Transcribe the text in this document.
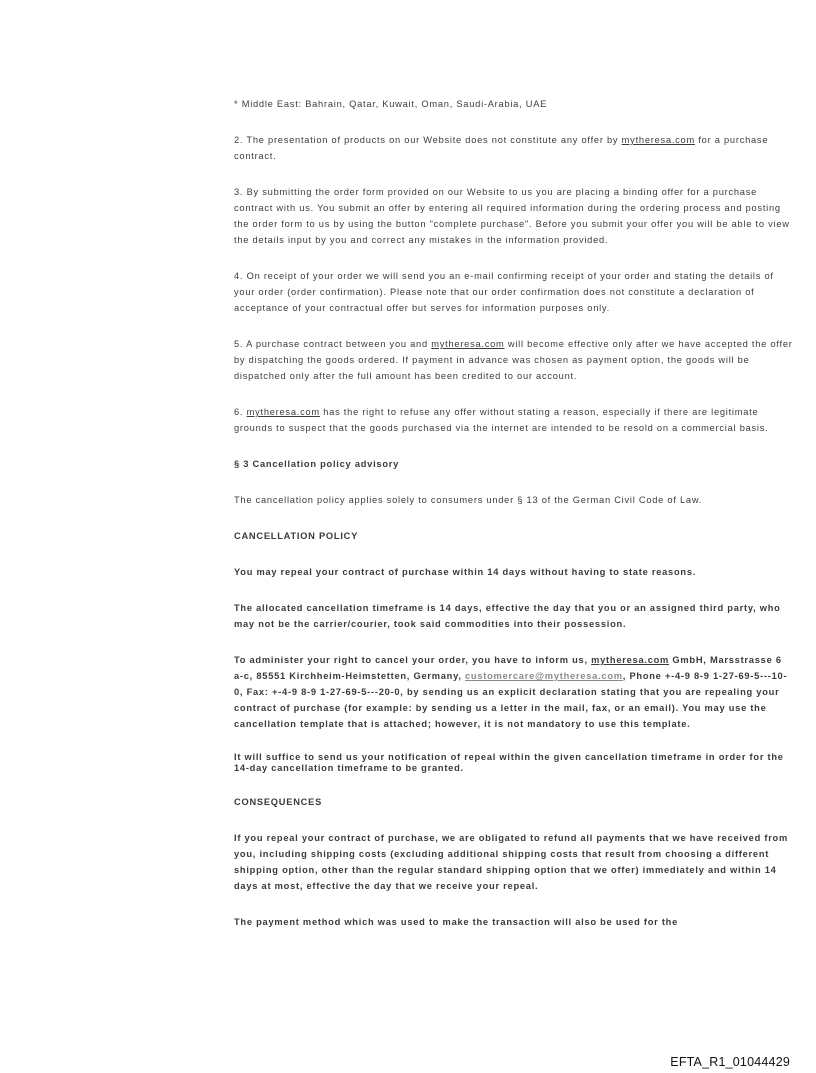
* Middle East: Bahrain, Qatar, Kuwait, Oman, Saudi-Arabia, UAE

2. The presentation of products on our Website does not constitute any offer by mytheresa.com for a purchase contract.

3. By submitting the order form provided on our Website to us you are placing a binding offer for a purchase contract with us. You submit an offer by entering all required information during the ordering process and posting the order form to us by using the button "complete purchase". Before you submit your offer you will be able to view the details input by you and correct any mistakes in the information provided.

4. On receipt of your order we will send you an e-mail confirming receipt of your order and stating the details of your order (order confirmation). Please note that our order confirmation does not constitute a declaration of acceptance of your contractual offer but serves for information purposes only.

5. A purchase contract between you and mytheresa.com will become effective only after we have accepted the offer by dispatching the goods ordered. If payment in advance was chosen as payment option, the goods will be dispatched only after the full amount has been credited to our account.

6. mytheresa.com has the right to refuse any offer without stating a reason, especially if there are legitimate grounds to suspect that the goods purchased via the internet are intended to be resold on a commercial basis.

§ 3 Cancellation policy advisory

The cancellation policy applies solely to consumers under § 13 of the German Civil Code of Law.

CANCELLATION POLICY

You may repeal your contract of purchase within 14 days without having to state reasons.

The allocated cancellation timeframe is 14 days, effective the day that you or an assigned third party, who may not be the carrier/courier, took said commodities into their possession.

To administer your right to cancel your order, you have to inform us, mytheresa.com GmbH, Marsstrasse 6 a-c, 85551 Kirchheim-Heimstetten, Germany, customercare@mytheresa.com, Phone +-4-9 8-9 1-27-69-5---10-0, Fax: +-4-9 8-9 1-27-69-5---20-0, by sending us an explicit declaration stating that you are repealing your contract of purchase (for example: by sending us a letter in the mail, fax, or an email). You may use the cancellation template that is attached; however, it is not mandatory to use this template.

It will suffice to send us your notification of repeal within the given cancellation timeframe in order for the 14-day cancellation timeframe to be granted.

CONSEQUENCES

If you repeal your contract of purchase, we are obligated to refund all payments that we have received from you, including shipping costs (excluding additional shipping costs that result from choosing a different shipping option, other than the regular standard shipping option that we offer) immediately and within 14 days at most, effective the day that we receive your repeal.

The payment method which was used to make the transaction will also be used for the

EFTA_R1_01044429
